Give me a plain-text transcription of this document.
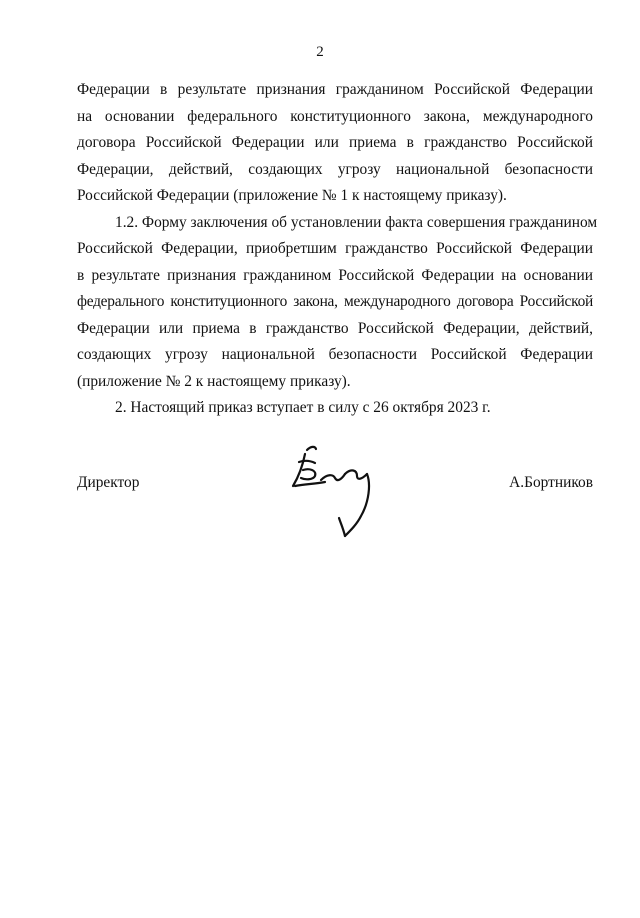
2

Федерации в результате признания гражданином Российской Федерации
на основании федерального конституционного закона, международного
договора Российской Федерации или приема в гражданство Российской
Федерации, действий, создающих угрозу национальной безопасности
Российской Федерации (приложение № 1 к настоящему приказу).

1.2. Форму заключения об установлении факта совершения гражданином
Российской Федерации, приобретшим гражданство Российской Федерации
в результате признания гражданином Российской Федерации на основании
федерального конституционного закона, международного договора Российской
Федерации или приема в гражданство Российской Федерации, действий,
создающих угрозу национальной безопасности Российской Федерации
(приложение № 2 к настоящему приказу).

2. Настоящий приказ вступает в силу с 26 октября 2023 г.

Директор	А.Бортников
